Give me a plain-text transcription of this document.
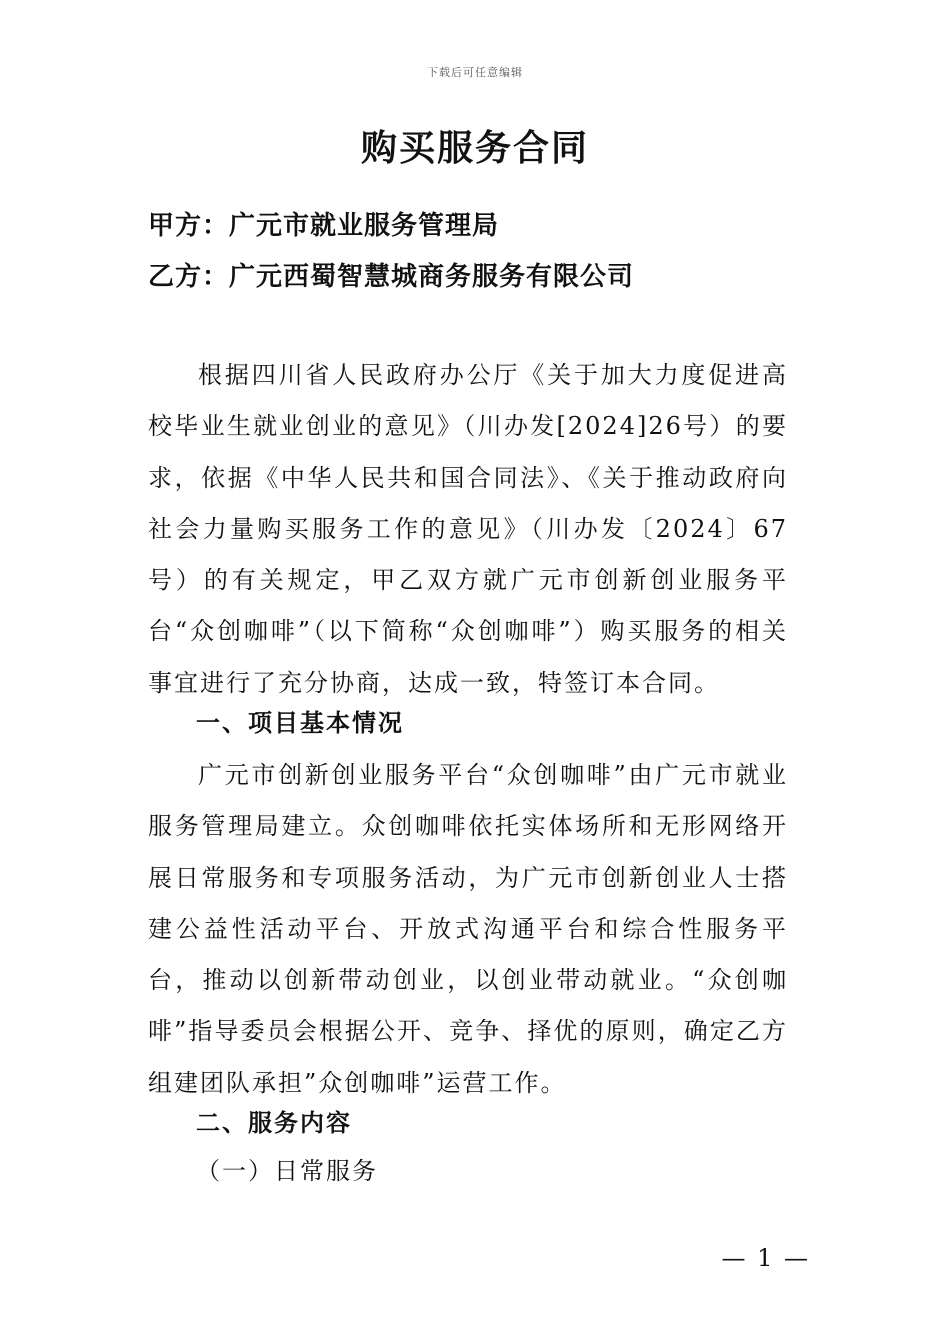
下载后可任意编辑
购买服务合同

甲方：广元市就业服务管理局

乙方：广元西蜀智慧城商务服务有限公司

根据四川省人民政府办公厅《关于加大力度促进高校毕业生就业创业的意见》（川办发[2024]26号）的要求，依据《中华人民共和国合同法》、《关于推动政府向社会力量购买服务工作的意见》（川办发〔2024〕67号）的有关规定，甲乙双方就广元市创新创业服务平台“众创咖啡”（以下简称“众创咖啡”）购买服务的相关事宜进行了充分协商，达成一致，特签订本合同。

一、项目基本情况

广元市创新创业服务平台“众创咖啡”由广元市就业服务管理局建立。众创咖啡依托实体场所和无形网络开展日常服务和专项服务活动，为广元市创新创业人士搭建公益性活动平台、开放式沟通平台和综合性服务平台，推动以创新带动创业，以创业带动就业。“众创咖啡”指导委员会根据公开、竞争、择优的原则，确定乙方组建团队承担”众创咖啡”运营工作。

二、服务内容

（一）日常服务

— 1 —
